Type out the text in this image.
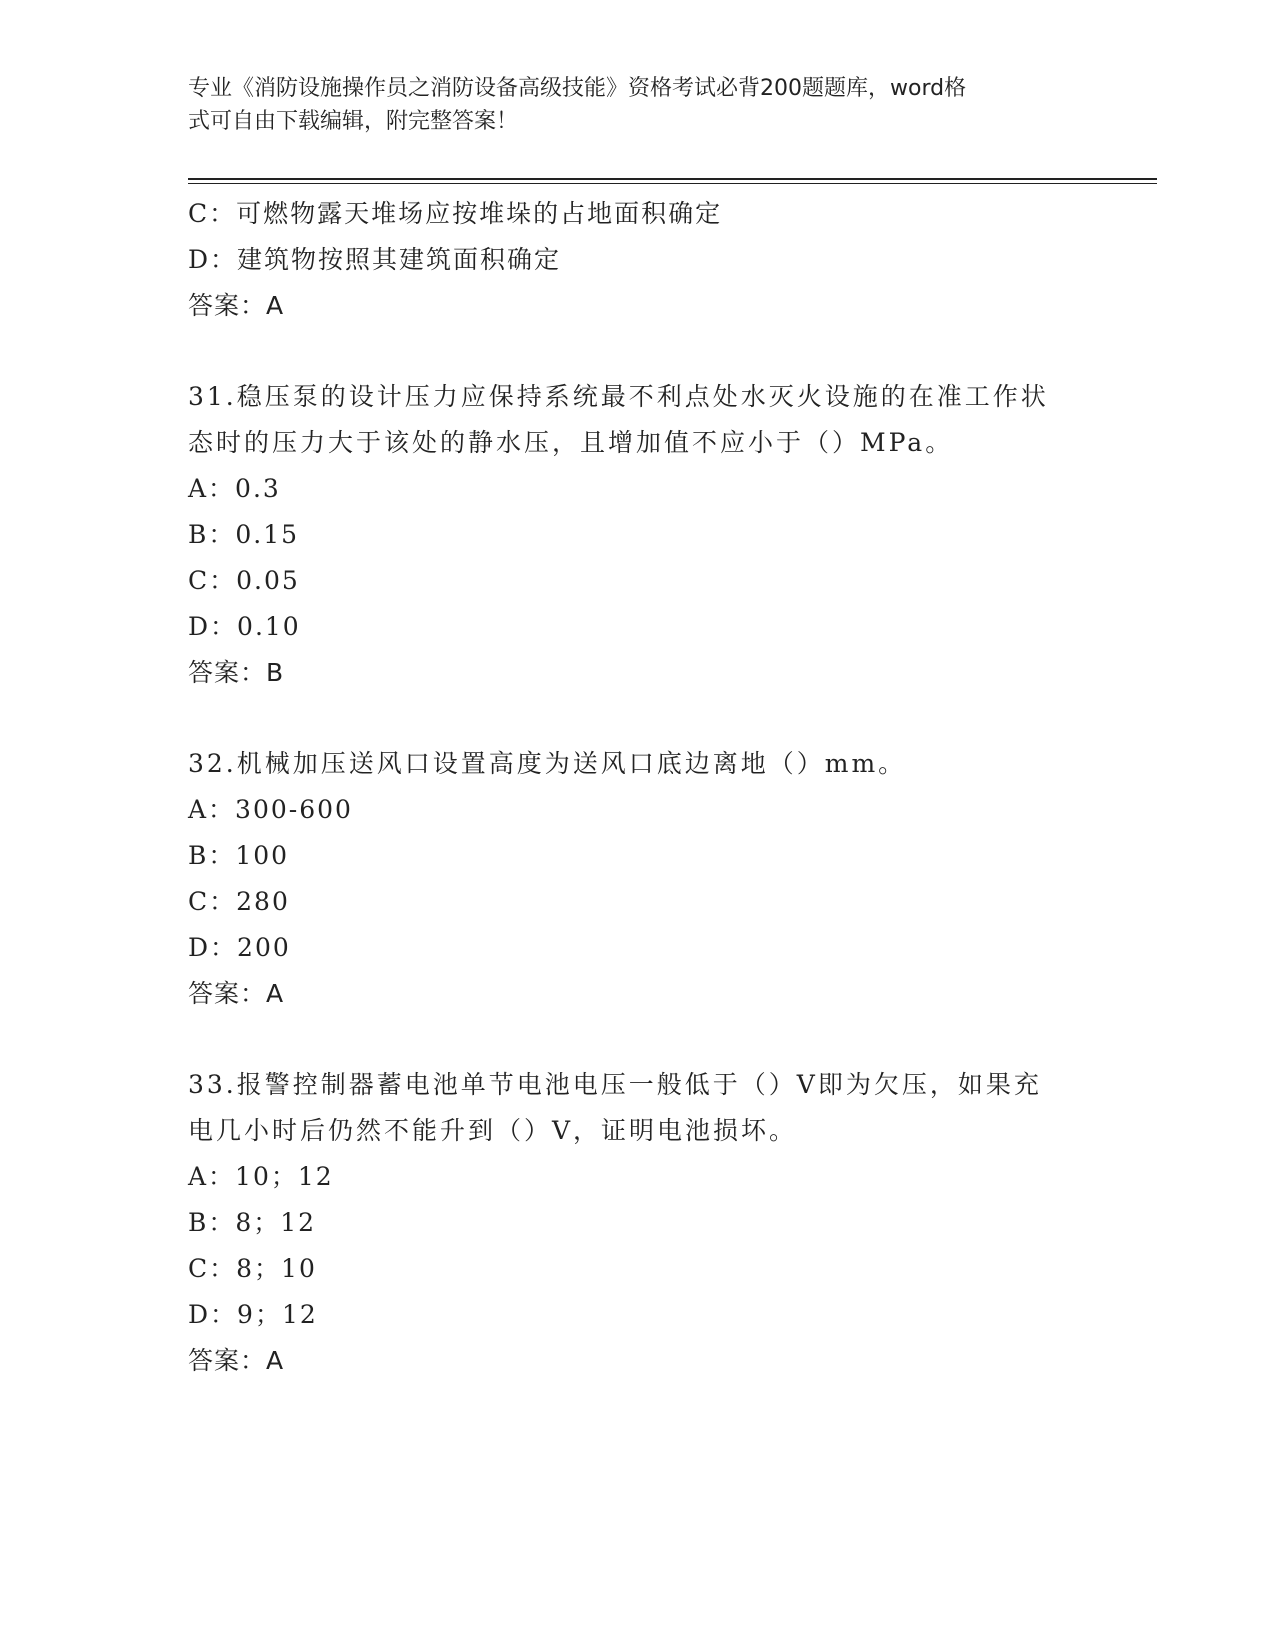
专业《消防设施操作员之消防设备高级技能》资格考试必背200题题库，word格
式可自由下载编辑，附完整答案！
C：可燃物露天堆场应按堆垛的占地面积确定
D：建筑物按照其建筑面积确定
答案：A
31.稳压泵的设计压力应保持系统最不利点处水灭火设施的在准工作状
态时的压力大于该处的静水压，且增加值不应小于（）MPa。
A：0.3
B：0.15
C：0.05
D：0.10
答案：B
32.机械加压送风口设置高度为送风口底边离地（）mm。
A：300-600
B：100
C：280
D：200
答案：A
33.报警控制器蓄电池单节电池电压一般低于（）V即为欠压，如果充
电几小时后仍然不能升到（）V，证明电池损坏。
A：10；12
B：8；12
C：8；10
D：9；12
答案：A
